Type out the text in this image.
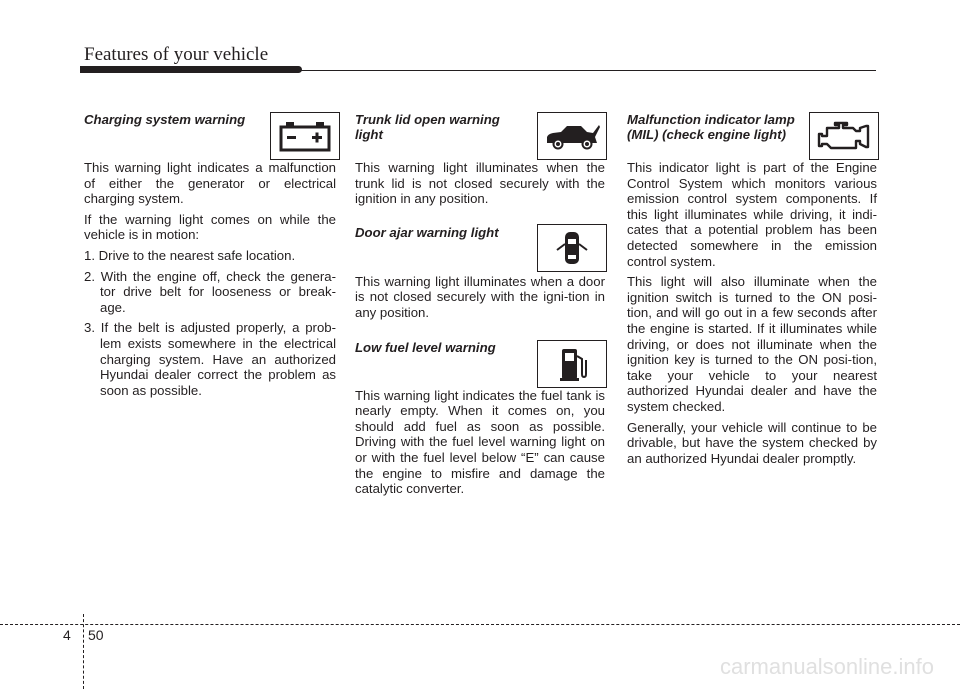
Features of your vehicle
Charging system warning

This warning light indicates a malfunction of either the generator or electrical charging system.

If the warning light comes on while the vehicle is in motion:

1. Drive to the nearest safe location.
2. With the engine off, check the genera-tor drive belt for looseness or break-age.
3. If the belt is adjusted properly, a prob-lem exists somewhere in the electrical charging system. Have an authorized Hyundai dealer correct the problem as soon as possible.
Trunk lid open warning light

This warning light illuminates when the trunk lid is not closed securely with the ignition in any position.

Door ajar warning light

This warning light illuminates when a door is not closed securely with the igni-tion in any position.

Low fuel level warning

This warning light indicates the fuel tank is nearly empty. When it comes on, you should add fuel as soon as possible. Driving with the fuel level warning light on or with the fuel level below “E” can cause the engine to misfire and damage the catalytic converter.

Malfunction indicator lamp (MIL) (check engine light)

This indicator light is part of the Engine Control System which monitors various emission control system components. If this light illuminates while driving, it indi-cates that a potential problem has been detected somewhere in the emission control system.

This light will also illuminate when the ignition switch is turned to the ON posi-tion, and will go out in a few seconds after the engine is started. If it illuminates while driving, or does not illuminate when the ignition key is turned to the ON posi-tion, take your vehicle to your nearest authorized Hyundai dealer and have the system checked.

Generally, your vehicle will continue to be drivable, but have the system checked by an authorized Hyundai dealer promptly.

4 50
carmanualsonline.info
